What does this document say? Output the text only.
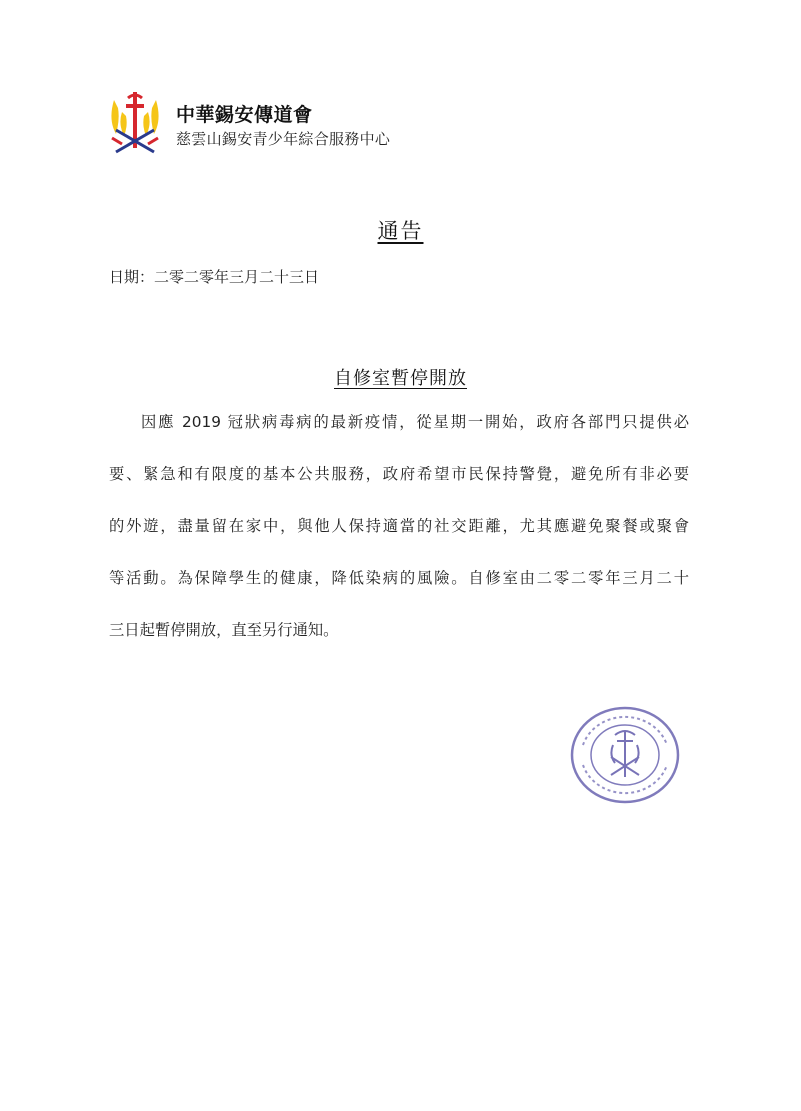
中華錫安傳道會
慈雲山錫安青少年綜合服務中心
通告
日期：二零二零年三月二十三日
自修室暫停開放
因應 2019 冠狀病毒病的最新疫情，從星期一開始，政府各部門只提供必
要、緊急和有限度的基本公共服務，政府希望市民保持警覺，避免所有非必要
的外遊，盡量留在家中，與他人保持適當的社交距離，尤其應避免聚餐或聚會
等活動。為保障學生的健康，降低染病的風險。自修室由二零二零年三月二十
三日起暫停開放，直至另行通知。
